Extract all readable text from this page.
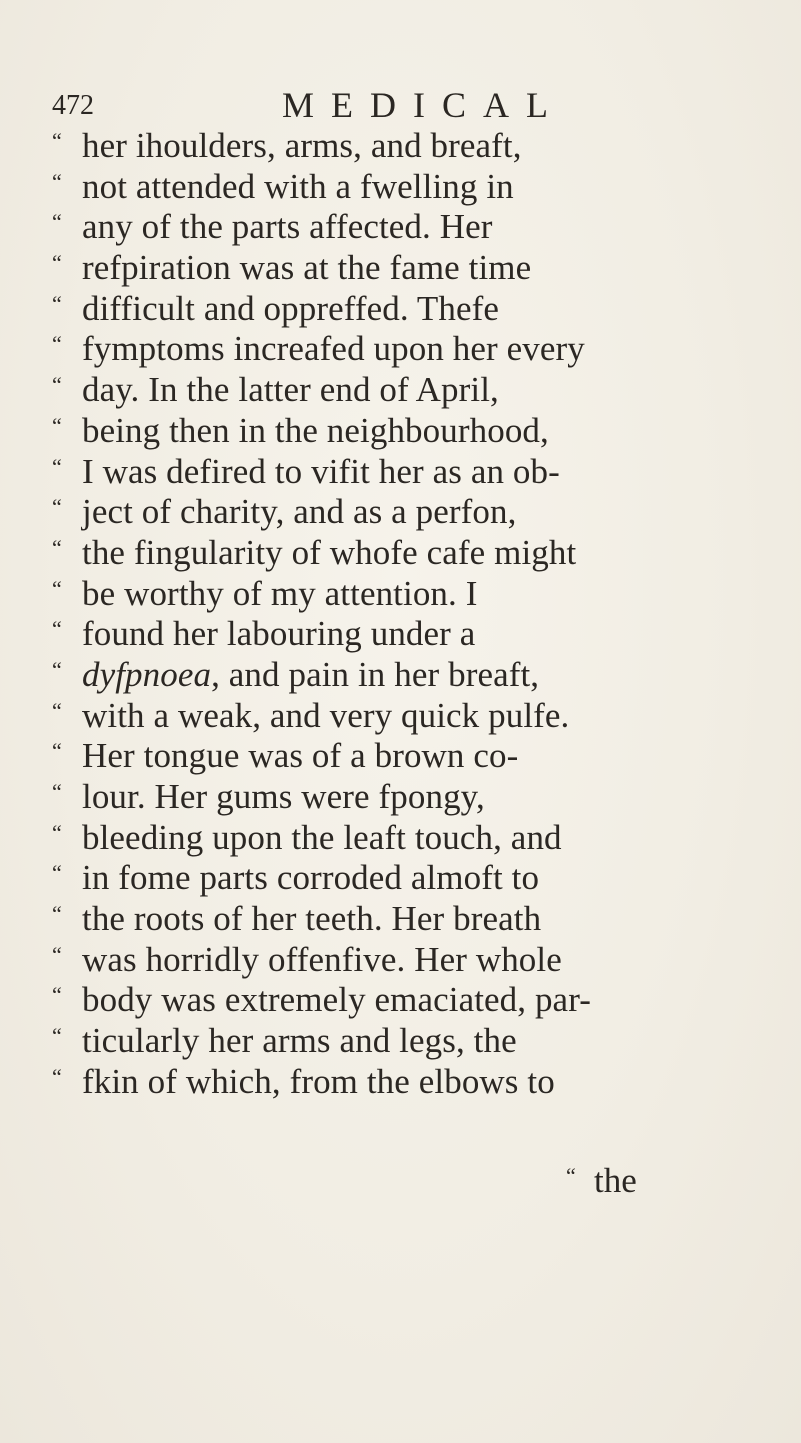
472	MEDICAL
“ her ihoulders, arms, and breaft,
“ not attended with a fwelling in
“ any of the parts affected. Her
“ refpiration was at the fame time
“ difficult and oppreffed. Thefe
“ fymptoms increafed upon her every
“ day. In the latter end of April,
“ being then in the neighbourhood,
“ I was defired to vifit her as an ob-
“ ject of charity, and as a perfon,
“ the fingularity of whofe cafe might
“ be worthy of my attention. I
“ found her labouring under a
“ dyfpnoea, and pain in her breaft,
“ with a weak, and very quick pulfe.
“ Her tongue was of a brown co-
“ lour. Her gums were fpongy,
“ bleeding upon the leaft touch, and
“ in fome parts corroded almoft to
“ the roots of her teeth. Her breath
“ was horridly offenfive. Her whole
“ body was extremely emaciated, par-
“ ticularly her arms and legs, the
“ fkin of which, from the elbows to
“ the
